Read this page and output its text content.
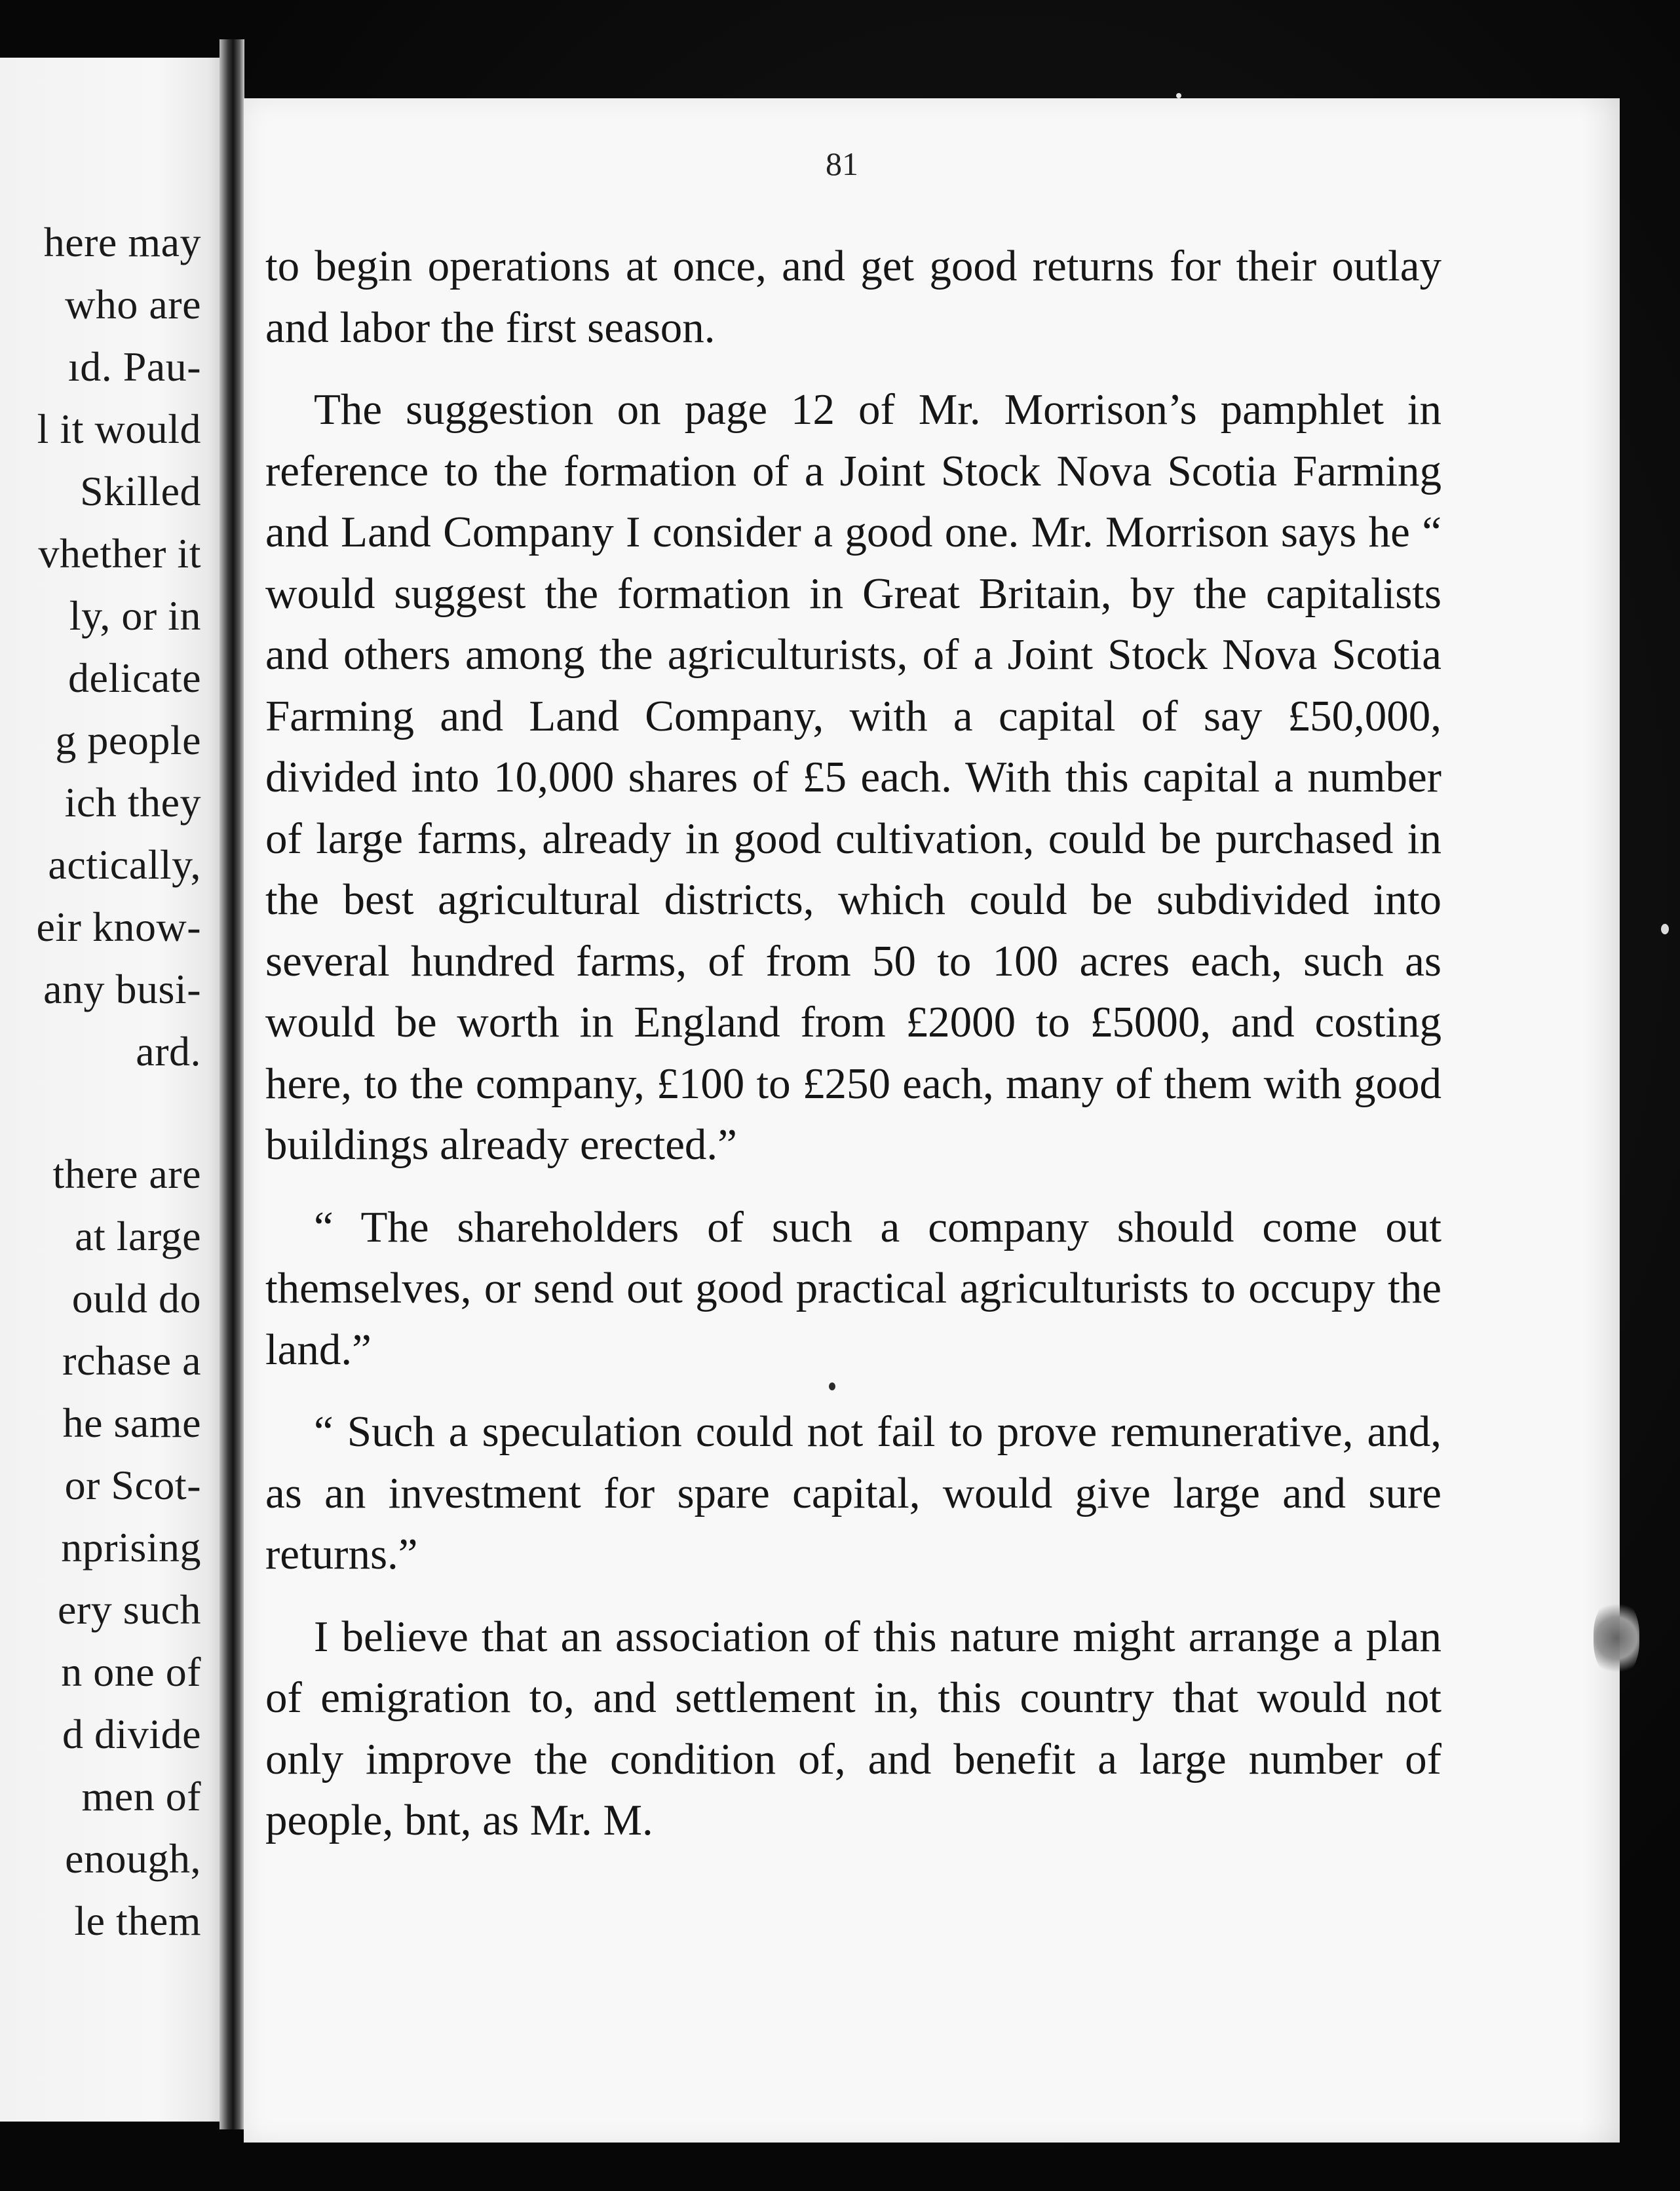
here may
who are
ıd. Pau-
l it would
Skilled
vhether it
ly, or in
delicate
g people
ich they
actically,
eir know-
any busi-
ard.
there are
at large
ould do
rchase a
he same
or Scot-
nprising
ery such
n one of
d divide
men of
enough,
le them
81

to begin operations at once, and get good returns for their outlay and labor the first season.

The suggestion on page 12 of Mr. Morrison’s pamphlet in reference to the formation of a Joint Stock Nova Scotia Farming and Land Company I consider a good one. Mr. Morrison says he “ would suggest the formation in Great Britain, by the capitalists and others among the agriculturists, of a Joint Stock Nova Scotia Farming and Land Company, with a capital of say £50,000, divided into 10,000 shares of £5 each. With this capital a number of large farms, already in good cultivation, could be purchased in the best agricultural districts, which could be subdivided into several hundred farms, of from 50 to 100 acres each, such as would be worth in England from £2000 to £5000, and costing here, to the company, £100 to £250 each, many of them with good buildings already erected.”

“ The shareholders of such a company should come out themselves, or send out good practical agriculturists to occupy the land.”

“ Such a speculation could not fail to prove remunerative, and, as an investment for spare capital, would give large and sure returns.”

I believe that an association of this nature might arrange a plan of emigration to, and settlement in, this country that would not only improve the condition of, and benefit a large number of people, bnt, as Mr. M.
